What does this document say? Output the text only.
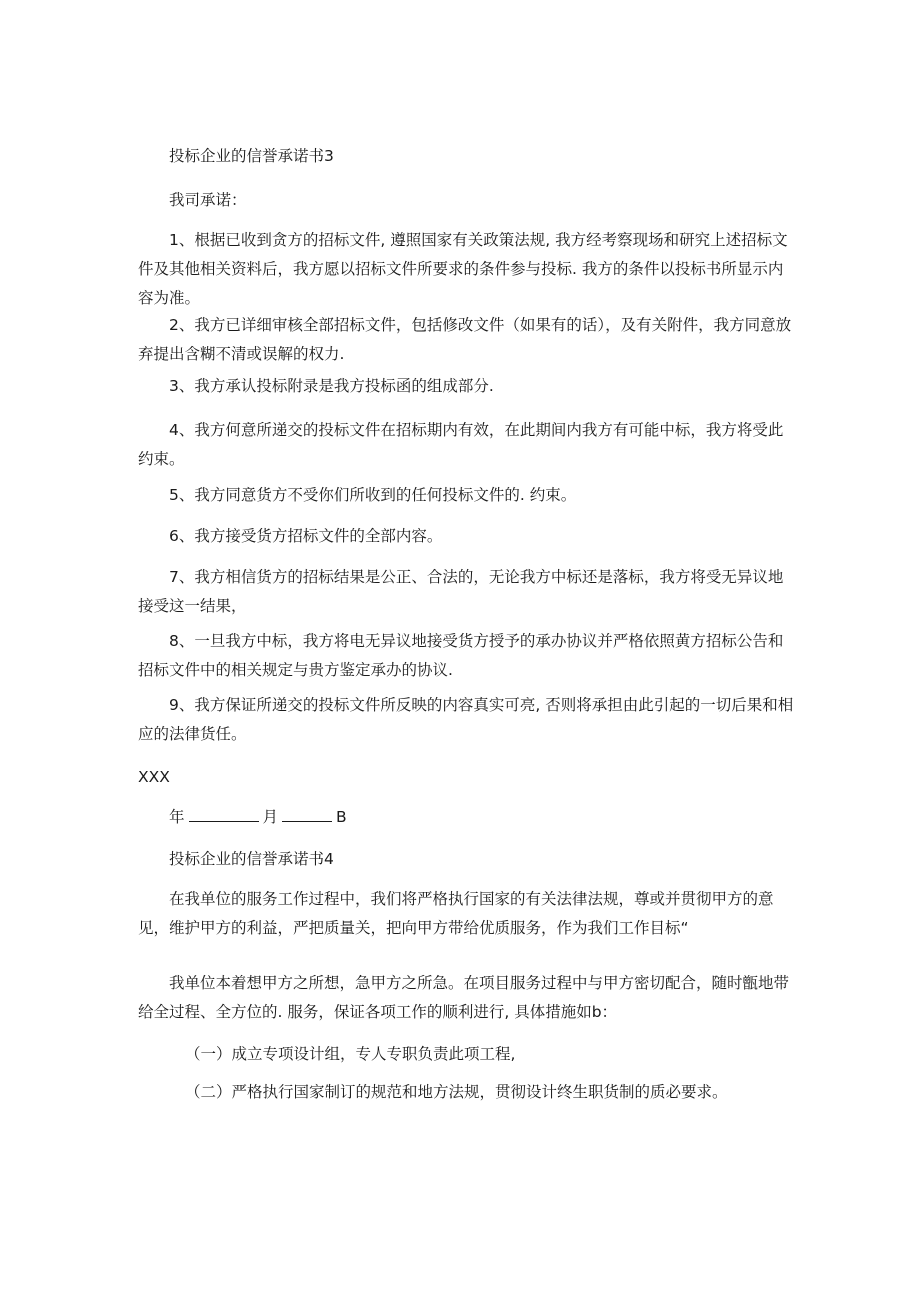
投标企业的信誉承诺书3

我司承诺：

1、根据已收到贪方的招标文件, 遵照国家有关政策法规, 我方经考察现场和研究上述招标文件及其他相关资料后，我方愿以招标文件所要求的条件参与投标. 我方的条件以投标书所显示内容为准。

2、我方已详细审核全部招标文件，包括修改文件（如果有的话），及有关附件，我方同意放弃提出含糊不清或误解的权力.

3、我方承认投标附录是我方投标函的组成部分.

4、我方何意所递交的投标文件在招标期内有效，在此期间内我方有可能中标，我方将受此约束。

5、我方同意货方不受你们所收到的任何投标文件的. 约束。

6、我方接受货方招标文件的全部内容。

7、我方相信货方的招标结果是公正、合法的，无论我方中标还是落标，我方将受无异议地接受这一结果，

8、一旦我方中标，我方将电无异议地接受货方授予的承办协议并严格依照黄方招标公告和招标文件中的相关规定与贵方鉴定承办的协议.

9、我方保证所递交的投标文件所反映的内容真实可亮, 否则将承担由此引起的一切后果和相应的法律货任。

XXX
年	月	B

投标企业的信誉承诺书4

在我单位的服务工作过程中，我们将严格执行国家的有关法律法规，尊或并贯彻甲方的意见，维护甲方的利益，严把质量关，把向甲方带给优质服务，作为我们工作目标“

我单位本着想甲方之所想，急甲方之所急。在项目服务过程中与甲方密切配合，随时甑地带给全过程、全方位的. 服务，保证各项工作的顺利进行, 具体措施如b：

（一）成立专项设计组，专人专职负责此项工程,

（二）严格执行国家制订的规范和地方法规，贯彻设计终生职货制的质必要求。
